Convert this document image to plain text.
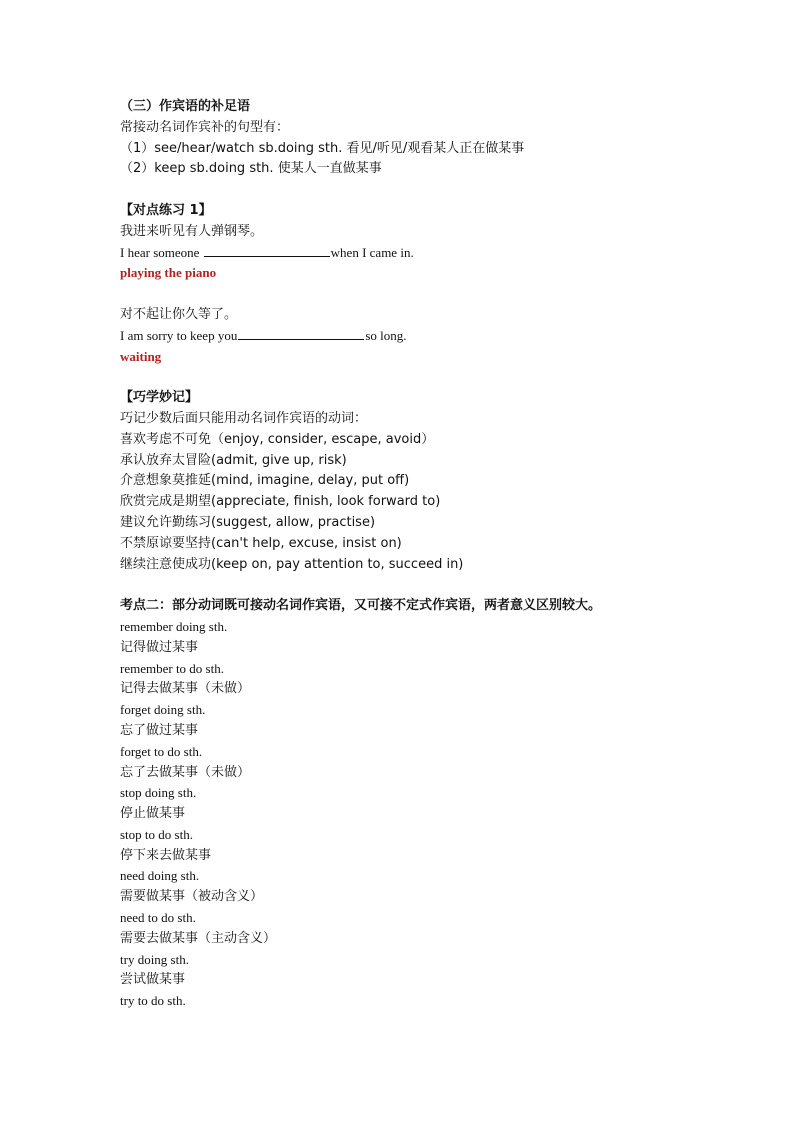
（三）作宾语的补足语
常接动名词作宾补的句型有：
（1）see/hear/watch sb.doing sth. 看见/听见/观看某人正在做某事
（2）keep sb.doing sth. 使某人一直做某事
【对点练习 1】
我进来听见有人弹钢琴。
I hear someone	when I came in.
playing the piano
对不起让你久等了。
I am sorry to keep you	so long.
waiting
【巧学妙记】
巧记少数后面只能用动名词作宾语的动词：
喜欢考虑不可免（enjoy, consider, escape, avoid）
承认放弃太冒险(admit, give up, risk)
介意想象莫推延(mind, imagine, delay, put off)
欣赏完成是期望(appreciate, finish, look forward to)
建议允许勤练习(suggest, allow, practise)
不禁原谅要坚持(can't help, excuse, insist on)
继续注意使成功(keep on, pay attention to, succeed in)
考点二：部分动词既可接动名词作宾语，又可接不定式作宾语，两者意义区别较大。
remember doing sth.
记得做过某事
remember to do sth.
记得去做某事（未做）
forget doing sth.
忘了做过某事
forget to do sth.
忘了去做某事（未做）
stop doing sth.
停止做某事
stop to do sth.
停下来去做某事
need doing sth.
需要做某事（被动含义）
need to do sth.
需要去做某事（主动含义）
try doing sth.
尝试做某事
try to do sth.
